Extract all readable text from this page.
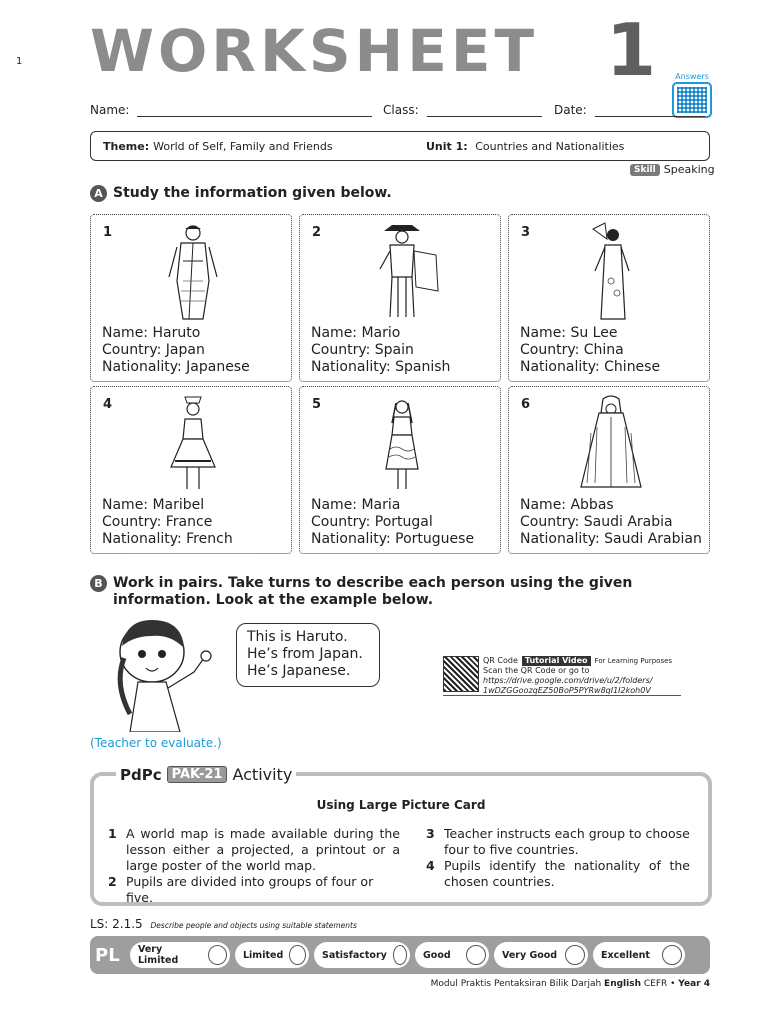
1 WORKSHEET 1	Answers
Name:	Class:	Date:
Theme: World of Self, Family and Friends	Unit 1: Countries and Nationalities
Skill Speaking
A Study the information given below.
1
Name: Haruto
Country: Japan
Nationality: Japanese
2
Name: Mario
Country: Spain
Nationality: Spanish
3
Name: Su Lee
Country: China
Nationality: Chinese
4
Name: Maribel
Country: France
Nationality: French
5
Name: Maria
Country: Portugal
Nationality: Portuguese
6
Name: Abbas
Country: Saudi Arabia
Nationality: Saudi Arabian
B Work in pairs. Take turns to describe each person using the given information. Look at the example below.
This is Haruto.
He’s from Japan.
He’s Japanese.
(Teacher to evaluate.)
QR Code Tutorial Video	For Learning Purposes
Scan the QR Code or go to
https://drive.google.com/drive/u/2/folders/
1wDZGGoozqEZ50BoP5PYRw8qI1I2koh0V
Using Large Picture Card
1 A world map is made available during the lesson either a projected, a printout or a large poster of the world map.
2 Pupils are divided into groups of four or five.
3 Teacher instructs each group to choose four to five countries.
4 Pupils identify the nationality of the chosen countries.
PdPc PAK-21 Activity
LS: 2.1.5 Describe people and objects using suitable statements
PL	Very Limited	Limited	Satisfactory	Good	Very Good	Excellent
Modul Praktis Pentaksiran Bilik Darjah English CEFR • Year 4
